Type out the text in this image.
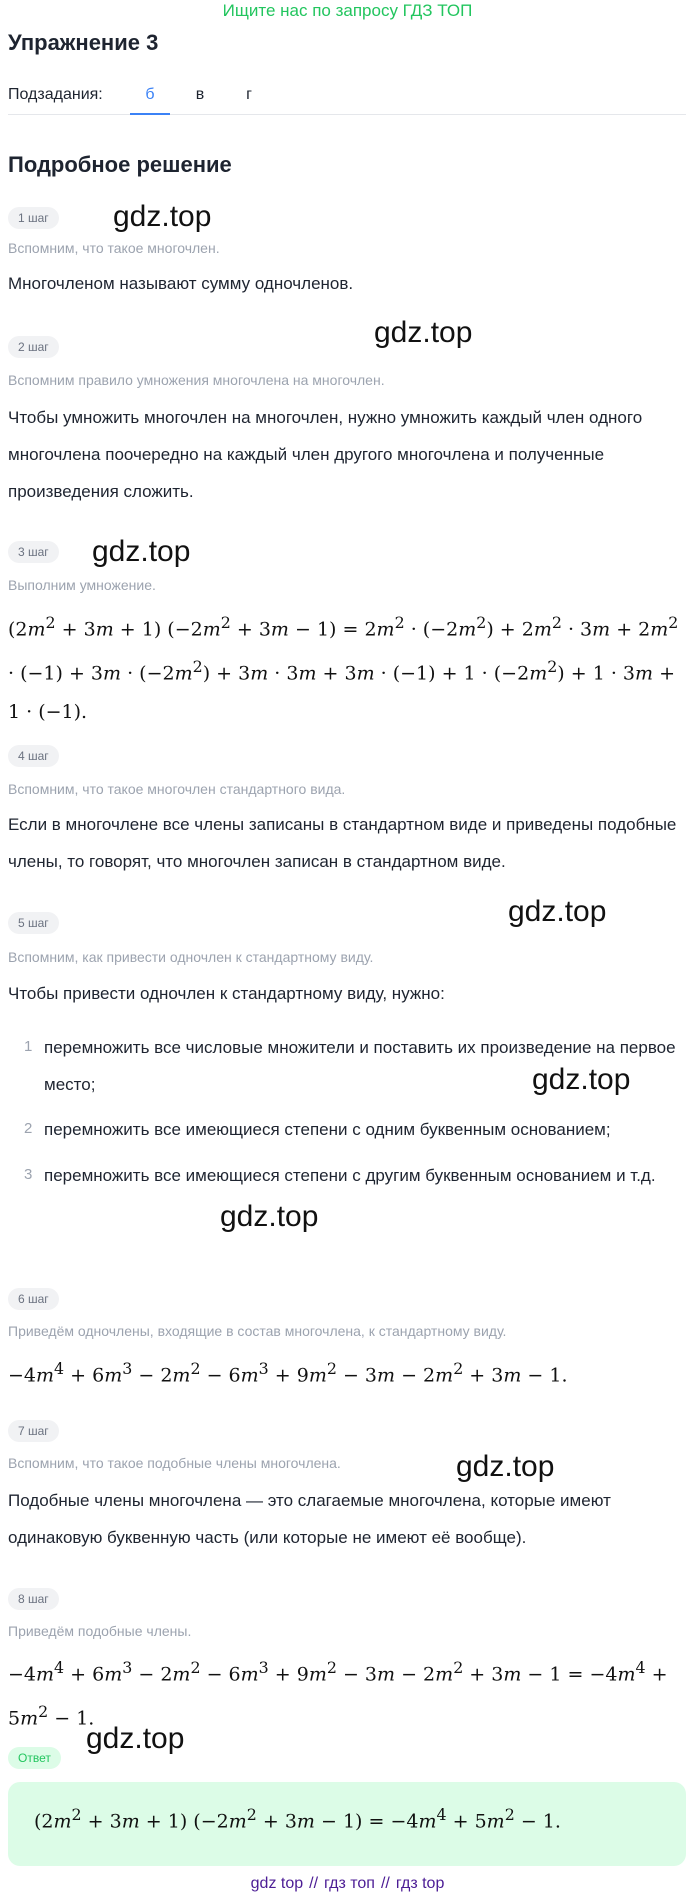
Ищите нас по запросу ГДЗ ТОП
Упражнение 3
Подзадания:	б	в	г
Подробное решение
1 шаг	gdz.top
Вспомним, что такое многочлен.
Многочленом называют сумму одночленов.
gdz.top
2 шаг
Вспомним правило умножения многочлена на многочлен.
Чтобы умножить многочлен на многочлен, нужно умножить каждый член одного многочлена поочередно на каждый член другого многочлена и полученные произведения сложить.
3 шаг	gdz.top
Выполним умножение.
$(2m^2 + 3m + 1) (-2m^2 + 3m - 1) = 2m^2 \cdot (-2m^2) + 2m^2 \cdot 3m + 2m^2 \cdot (-1) + 3m \cdot (-2m^2) + 3m \cdot 3m + 3m \cdot (-1) + 1 \cdot (-2m^2) + 1 \cdot 3m + 1 \cdot (-1)$.
4 шаг
Вспомним, что такое многочлен стандартного вида.
Если в многочлене все члены записаны в стандартном виде и приведены подобные члены, то говорят, что многочлен записан в стандартном виде.
gdz.top
5 шаг
Вспомним, как привести одночлен к стандартному виду.
Чтобы привести одночлен к стандартному виду, нужно:
1 перемножить все числовые множители и поставить их произведение на первое место;	gdz.top
2 перемножить все имеющиеся степени с одним буквенным основанием;
3 перемножить все имеющиеся степени с другим буквенным основанием и т.д.
gdz.top
6 шаг
Приведём одночлены, входящие в состав многочлена, к стандартному виду.
$-4m^4 + 6m^3 - 2m^2 - 6m^3 + 9m^2 - 3m - 2m^2 + 3m - 1$.
7 шаг
gdz.top
Вспомним, что такое подобные члены многочлена.
Подобные члены многочлена — это слагаемые многочлена, которые имеют одинаковую буквенную часть (или которые не имеют её вообще).
8 шаг
Приведём подобные члены.
$-4m^4 + 6m^3 - 2m^2 - 6m^3 + 9m^2 - 3m - 2m^2 + 3m - 1 = -4m^4 + 5m^2 - 1$.
Ответ
gdz.top
$(2m^2 + 3m + 1) (-2m^2 + 3m - 1) = -4m^4 + 5m^2 - 1$.
gdz top // гдз топ // гдз top
